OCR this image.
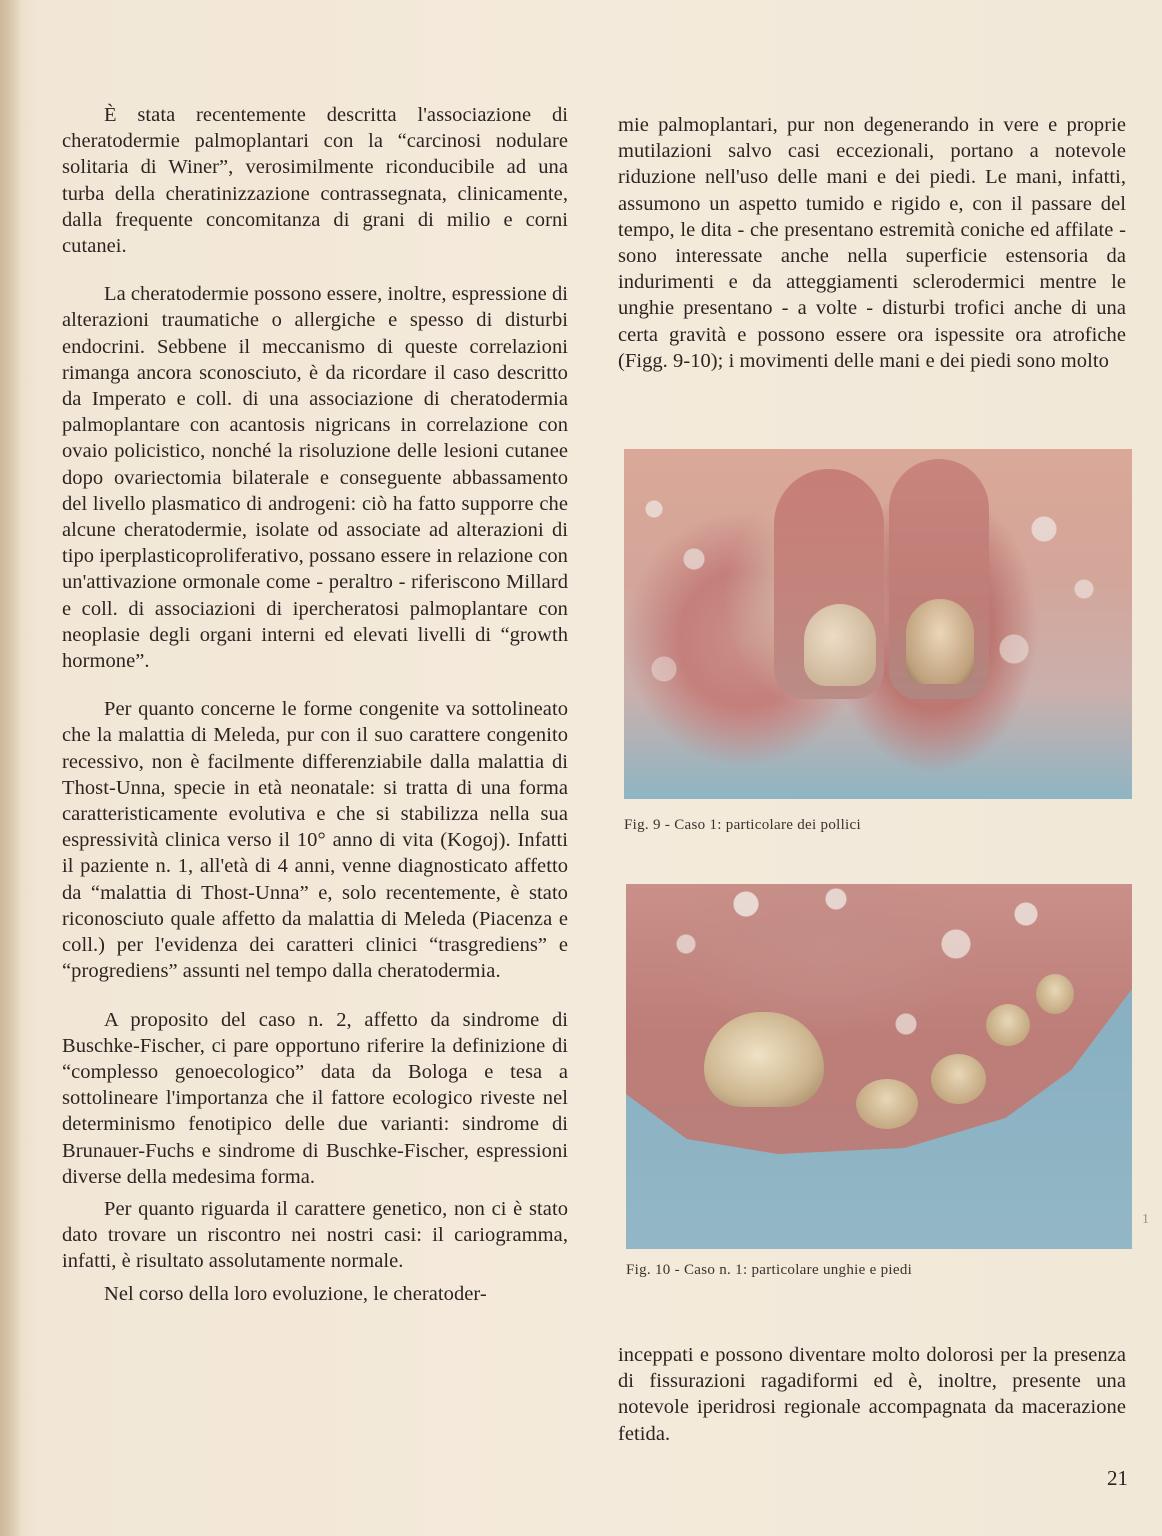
È stata recentemente descritta l'associazione di cheratodermie palmoplantari con la “carcinosi nodulare solitaria di Winer”, verosimilmente riconducibile ad una turba della cheratinizzazione contrassegnata, clinicamente, dalla frequente concomitanza di grani di milio e corni cutanei.

La cheratodermie possono essere, inoltre, espressione di alterazioni traumatiche o allergiche e spesso di disturbi endocrini. Sebbene il meccanismo di queste correlazioni rimanga ancora sconosciuto, è da ricordare il caso descritto da Imperato e coll. di una associazione di cheratodermia palmoplantare con acantosis nigricans in correlazione con ovaio policistico, nonché la risoluzione delle lesioni cutanee dopo ovariectomia bilaterale e conseguente abbassamento del livello plasmatico di androgeni: ciò ha fatto supporre che alcune cheratodermie, isolate od associate ad alterazioni di tipo iperplasticoproliferativo, possano essere in relazione con un'attivazione ormonale come - peraltro - riferiscono Millard e coll. di associazioni di ipercheratosi palmoplantare con neoplasie degli organi interni ed elevati livelli di “growth hormone”.

Per quanto concerne le forme congenite va sottolineato che la malattia di Meleda, pur con il suo carattere congenito recessivo, non è facilmente differenziabile dalla malattia di Thost-Unna, specie in età neonatale: si tratta di una forma caratteristicamente evolutiva e che si stabilizza nella sua espressività clinica verso il 10° anno di vita (Kogoj). Infatti il paziente n. 1, all'età di 4 anni, venne diagnosticato affetto da “malattia di Thost-Unna” e, solo recentemente, è stato riconosciuto quale affetto da malattia di Meleda (Piacenza e coll.) per l'evidenza dei caratteri clinici “trasgrediens” e “progrediens” assunti nel tempo dalla cheratodermia.

A proposito del caso n. 2, affetto da sindrome di Buschke-Fischer, ci pare opportuno riferire la definizione di “complesso genoecologico” data da Bologa e tesa a sottolineare l'importanza che il fattore ecologico riveste nel determinismo fenotipico delle due varianti: sindrome di Brunauer-Fuchs e sindrome di Buschke-Fischer, espressioni diverse della medesima forma.

Per quanto riguarda il carattere genetico, non ci è stato dato trovare un riscontro nei nostri casi: il cariogramma, infatti, è risultato assolutamente normale.

Nel corso della loro evoluzione, le cheratoder-

mie palmoplantari, pur non degenerando in vere e proprie mutilazioni salvo casi eccezionali, portano a notevole riduzione nell'uso delle mani e dei piedi. Le mani, infatti, assumono un aspetto tumido e rigido e, con il passare del tempo, le dita - che presentano estremità coniche ed affilate - sono interessate anche nella superficie estensoria da indurimenti e da atteggiamenti sclerodermici mentre le unghie presentano - a volte - disturbi trofici anche di una certa gravità e possono essere ora ispessite ora atrofiche (Figg. 9-10); i movimenti delle mani e dei piedi sono molto

Fig. 9 - Caso 1: particolare dei pollici
Fig. 10 - Caso n. 1: particolare unghie e piedi

inceppati e possono diventare molto dolorosi per la presenza di fissurazioni ragadiformi ed è, inoltre, presente una notevole iperidrosi regionale accompagnata da macerazione fetida.

1
21
